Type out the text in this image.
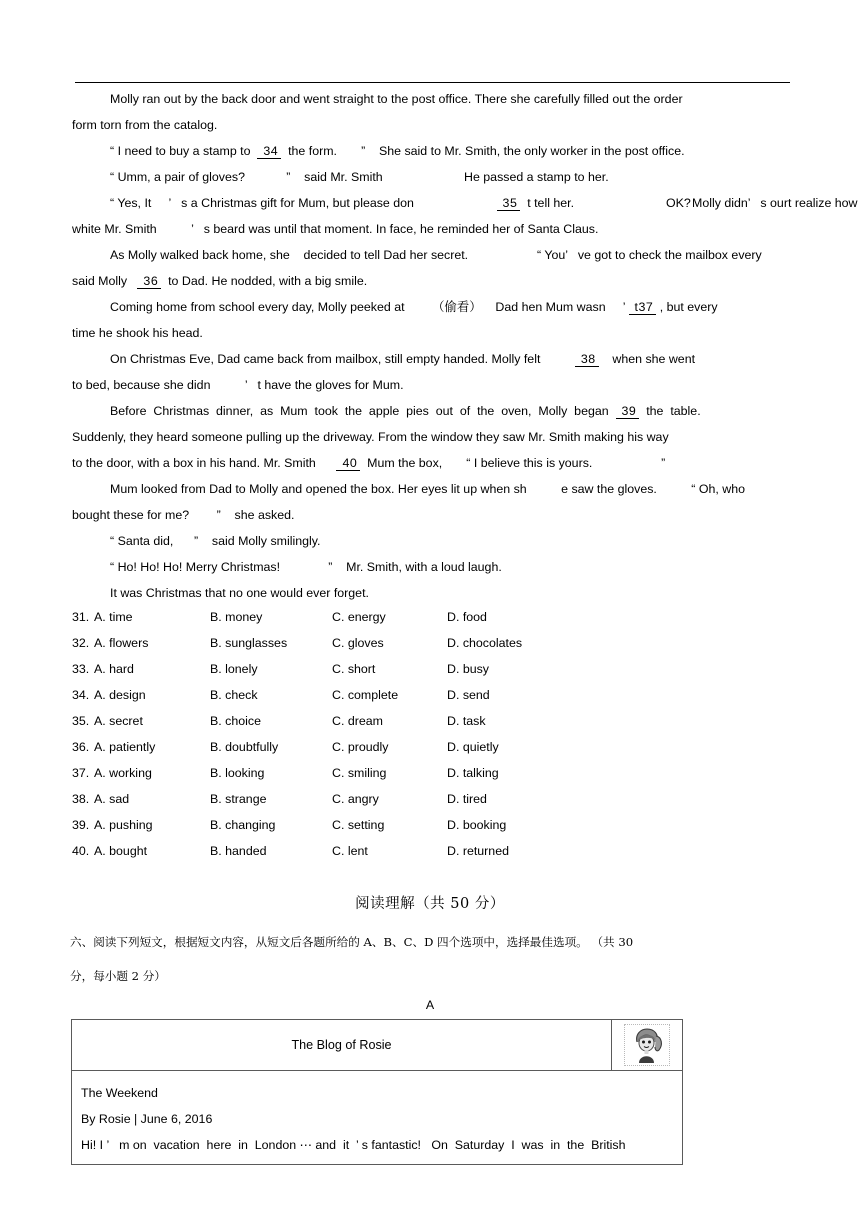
Molly ran out by the back door and went straight to the post office. There she carefully filled out the order
form torn from the catalog.
“ I need to buy a stamp to  34  the form.       ”    She said to Mr. Smith, the only worker in the post office.
“ Umm, a pair of gloves?            ”    said Mr. Smith	He passed a stamp to her.
“ Yes, It     ’   s a Christmas gift for Mum, but please don                        35  t tell her.	OK? Molly didn’   s ourt realize how
white Mr. Smith          ’   s beard was until that moment. In face, he reminded her of Santa Claus.
As Molly walked back home, she    decided to tell Dad her secret.                    “ You’   ve got to check the mailbox every
said Molly   36  to Dad. He nodded, with a big smile.
Coming home from school every day, Molly peeked at        （偷看）    Dad hen Mum wasn     ’ t37 , but every
time he shook his head.
On Christmas Eve, Dad came back from mailbox, still empty handed. Molly felt          38    when she went
to bed, because she didn          ’   t have the gloves for Mum.
Before  Christmas  dinner,  as  Mum  took  the  apple  pies  out  of  the  oven,  Molly  began  39  the  table.
Suddenly, they heard someone pulling up the driveway. From the window they saw Mr. Smith making his way
to the door, with a box in his hand. Mr. Smith      40  Mum the box,       “ I believe this is yours.                    ”
Mum looked from Dad to Molly and opened the box. Her eyes lit up when sh          e saw the gloves.          “ Oh, who
bought these for me?        ”    she asked.
“ Santa did,      ”    said Molly smilingly.
“ Ho! Ho! Ho! Merry Christmas!              ”    Mr. Smith, with a loud laugh.
It was Christmas that no one would ever forget.
31. A. time	B. money	C. energy	D. food
32. A. flowers	B. sunglasses	C. gloves	D. chocolates
33. A. hard	B. lonely	C. short	D. busy
34. A. design	B. check	C. complete	D. send
35. A. secret	B. choice	C. dream	D. task
36. A. patiently	B. doubtfully	C. proudly	D. quietly
37. A. working	B. looking	C. smiling	D. talking
38. A. sad	B. strange	C. angry	D. tired
39. A. pushing	B. changing	C. setting	D. booking
40. A. bought	B. handed	C. lent	D. returned
阅读理解（共 50 分）
六、阅读下列短文，根据短文内容，从短文后各题所给的 A、B、C、D 四个选项中，选择最佳选项。 （共 30
分，每小题 2 分）
A
The Blog of Rosie
The Weekend
By Rosie | June 6, 2016
Hi! I ’   m on  vacation  here  in  London ⋯ and  it  ’ s fantastic!   On  Saturday  I  was  in  the  British
